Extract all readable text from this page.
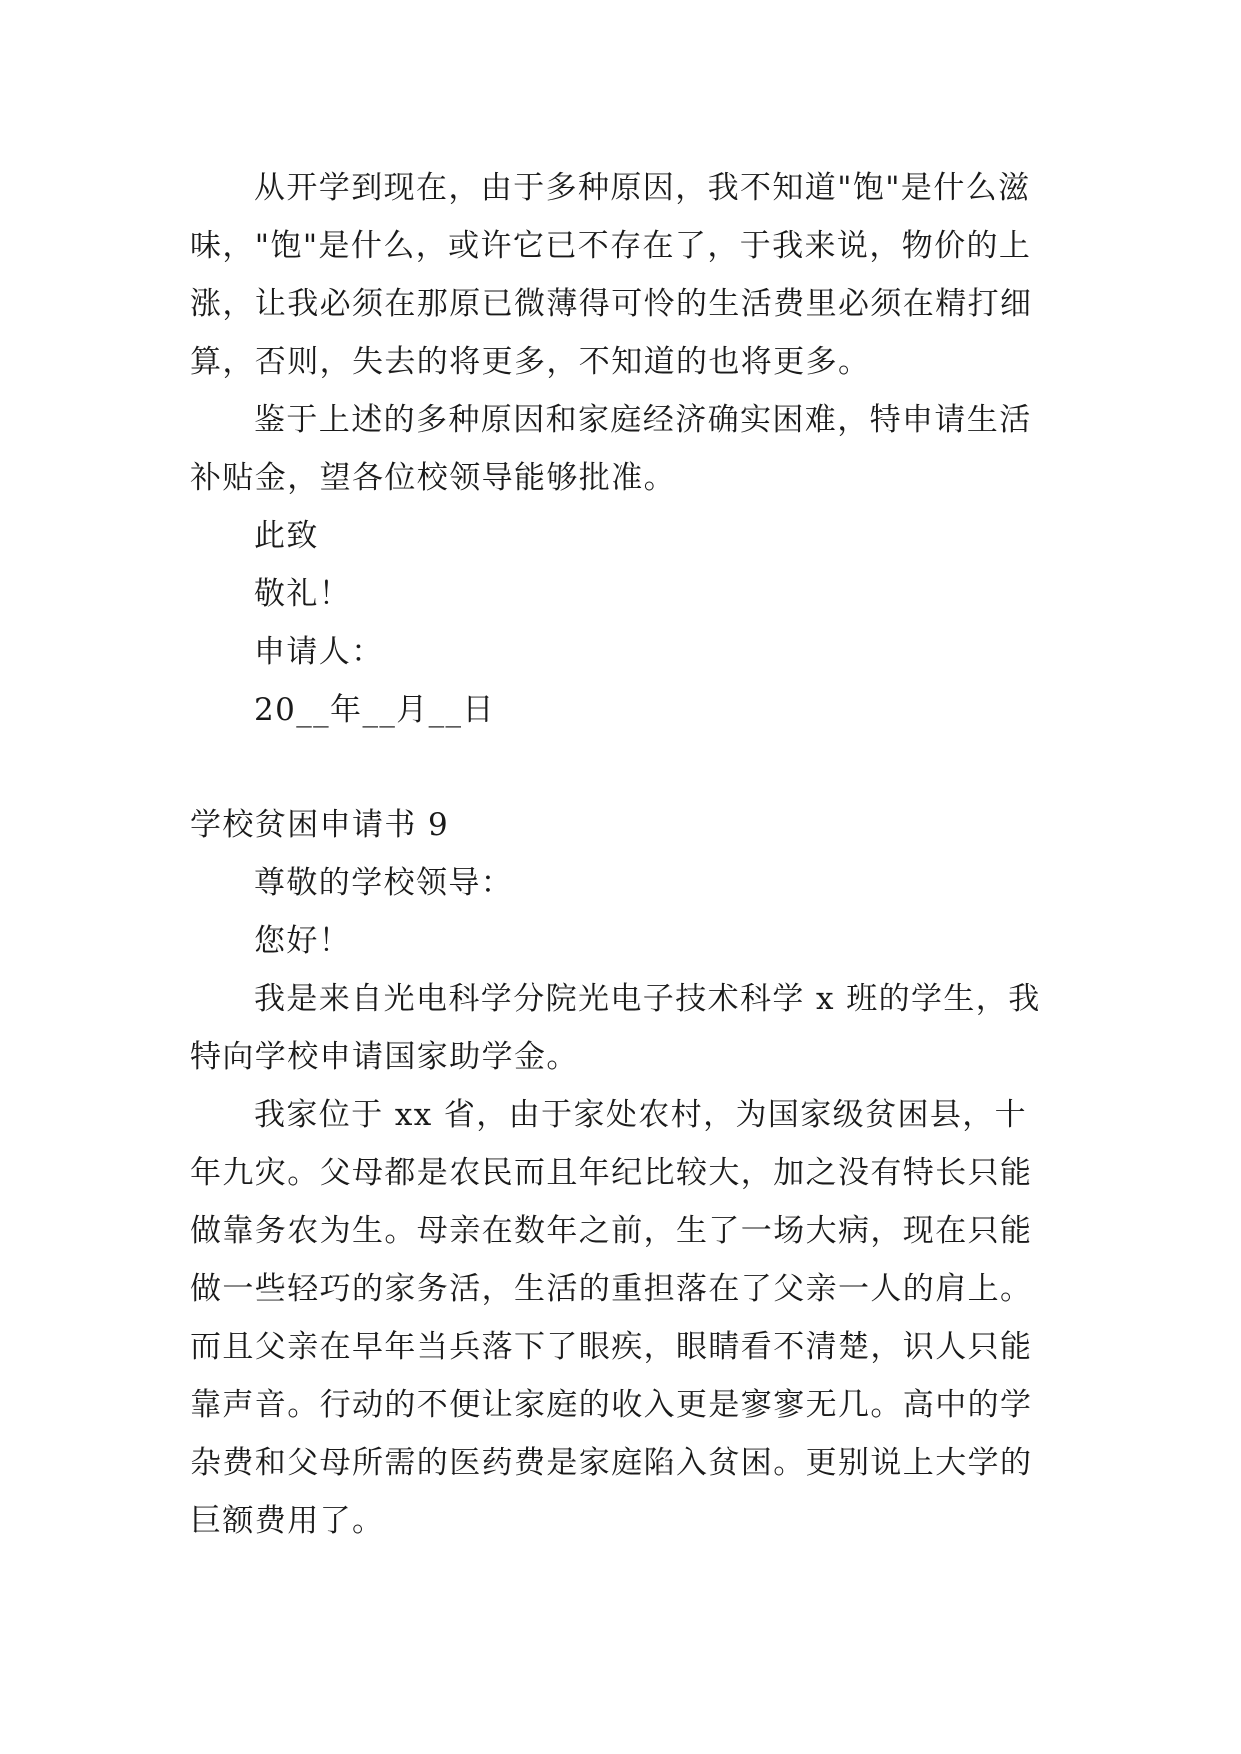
从开学到现在，由于多种原因，我不知道"饱"是什么滋
味，"饱"是什么，或许它已不存在了，于我来说，物价的上
涨，让我必须在那原已微薄得可怜的生活费里必须在精打细
算，否则，失去的将更多，不知道的也将更多。
鉴于上述的多种原因和家庭经济确实困难，特申请生活
补贴金，望各位校领导能够批准。
此致
敬礼！
申请人：
20__年__月__日
学校贫困申请书 9
尊敬的学校领导：
您好！
我是来自光电科学分院光电子技术科学 x 班的学生，我
特向学校申请国家助学金。
我家位于 xx 省，由于家处农村，为国家级贫困县，十
年九灾。父母都是农民而且年纪比较大，加之没有特长只能
做靠务农为生。母亲在数年之前，生了一场大病，现在只能
做一些轻巧的家务活，生活的重担落在了父亲一人的肩上。
而且父亲在早年当兵落下了眼疾，眼睛看不清楚，识人只能
靠声音。行动的不便让家庭的收入更是寥寥无几。高中的学
杂费和父母所需的医药费是家庭陷入贫困。更别说上大学的
巨额费用了。
